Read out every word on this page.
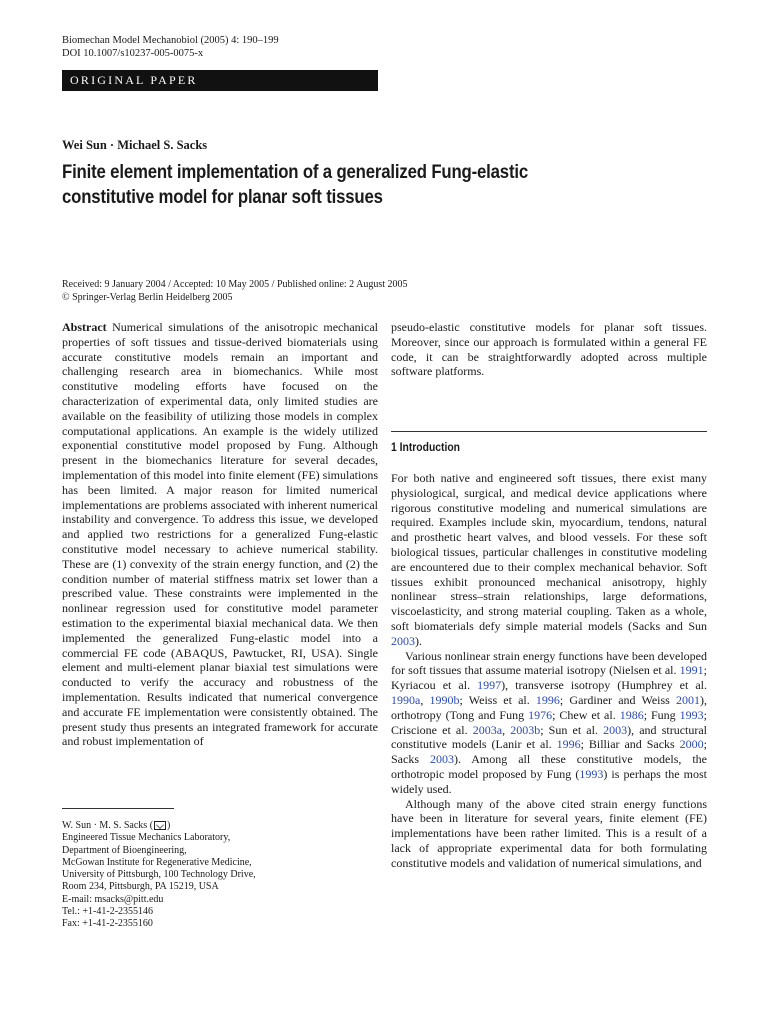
Biomechan Model Mechanobiol (2005) 4: 190–199
DOI 10.1007/s10237-005-0075-x
ORIGINAL PAPER
Wei Sun · Michael S. Sacks
Finite element implementation of a generalized Fung-elastic constitutive model for planar soft tissues
Received: 9 January 2004 / Accepted: 10 May 2005 / Published online: 2 August 2005
© Springer-Verlag Berlin Heidelberg 2005

Abstract Numerical simulations of the anisotropic mechanical properties of soft tissues and tissue-derived biomaterials using accurate constitutive models remain an important and challenging research area in biomechanics. While most constitutive modeling efforts have focused on the characterization of experimental data, only limited studies are available on the feasibility of utilizing those models in complex computational applications. An example is the widely utilized exponential constitutive model proposed by Fung. Although present in the biomechanics literature for several decades, implementation of this model into finite element (FE) simulations has been limited. A major reason for limited numerical implementations are problems associated with inherent numerical instability and convergence. To address this issue, we developed and applied two restrictions for a generalized Fung-elastic constitutive model necessary to achieve numerical stability. These are (1) convexity of the strain energy function, and (2) the condition number of material stiffness matrix set lower than a prescribed value. These constraints were implemented in the nonlinear regression used for constitutive model parameter estimation to the experimental biaxial mechanical data. We then implemented the generalized Fung-elastic model into a commercial FE code (ABAQUS, Pawtucket, RI, USA). Single element and multi-element planar biaxial test simulations were conducted to verify the accuracy and robustness of the implementation. Results indicated that numerical convergence and accurate FE implementation were consistently obtained. The present study thus presents an integrated framework for accurate and robust implementation of

W. Sun · M. S. Sacks ( )
Engineered Tissue Mechanics Laboratory,
Department of Bioengineering,
McGowan Institute for Regenerative Medicine,
University of Pittsburgh, 100 Technology Drive,
Room 234, Pittsburgh, PA 15219, USA
E-mail: msacks@pitt.edu
Tel.: +1-41-2-2355146
Fax: +1-41-2-2355160

pseudo-elastic constitutive models for planar soft tissues. Moreover, since our approach is formulated within a general FE code, it can be straightforwardly adopted across multiple software platforms.

1 Introduction

For both native and engineered soft tissues, there exist many physiological, surgical, and medical device applications where rigorous constitutive modeling and numerical simulations are required. Examples include skin, myocardium, tendons, natural and prosthetic heart valves, and blood vessels. For these soft biological tissues, particular challenges in constitutive modeling are encountered due to their complex mechanical behavior. Soft tissues exhibit pronounced mechanical anisotropy, highly nonlinear stress–strain relationships, large deformations, viscoelasticity, and strong material coupling. Taken as a whole, soft biomaterials defy simple material models (Sacks and Sun 2003).

Various nonlinear strain energy functions have been developed for soft tissues that assume material isotropy (Nielsen et al. 1991; Kyriacou et al. 1997), transverse isotropy (Humphrey et al. 1990a, 1990b; Weiss et al. 1996; Gardiner and Weiss 2001), orthotropy (Tong and Fung 1976; Chew et al. 1986; Fung 1993; Criscione et al. 2003a, 2003b; Sun et al. 2003), and structural constitutive models (Lanir et al. 1996; Billiar and Sacks 2000; Sacks 2003). Among all these constitutive models, the orthotropic model proposed by Fung (1993) is perhaps the most widely used.

Although many of the above cited strain energy functions have been in literature for several years, finite element (FE) implementations have been rather limited. This is a result of a lack of appropriate experimental data for both formulating constitutive models and validation of numerical simulations, and
